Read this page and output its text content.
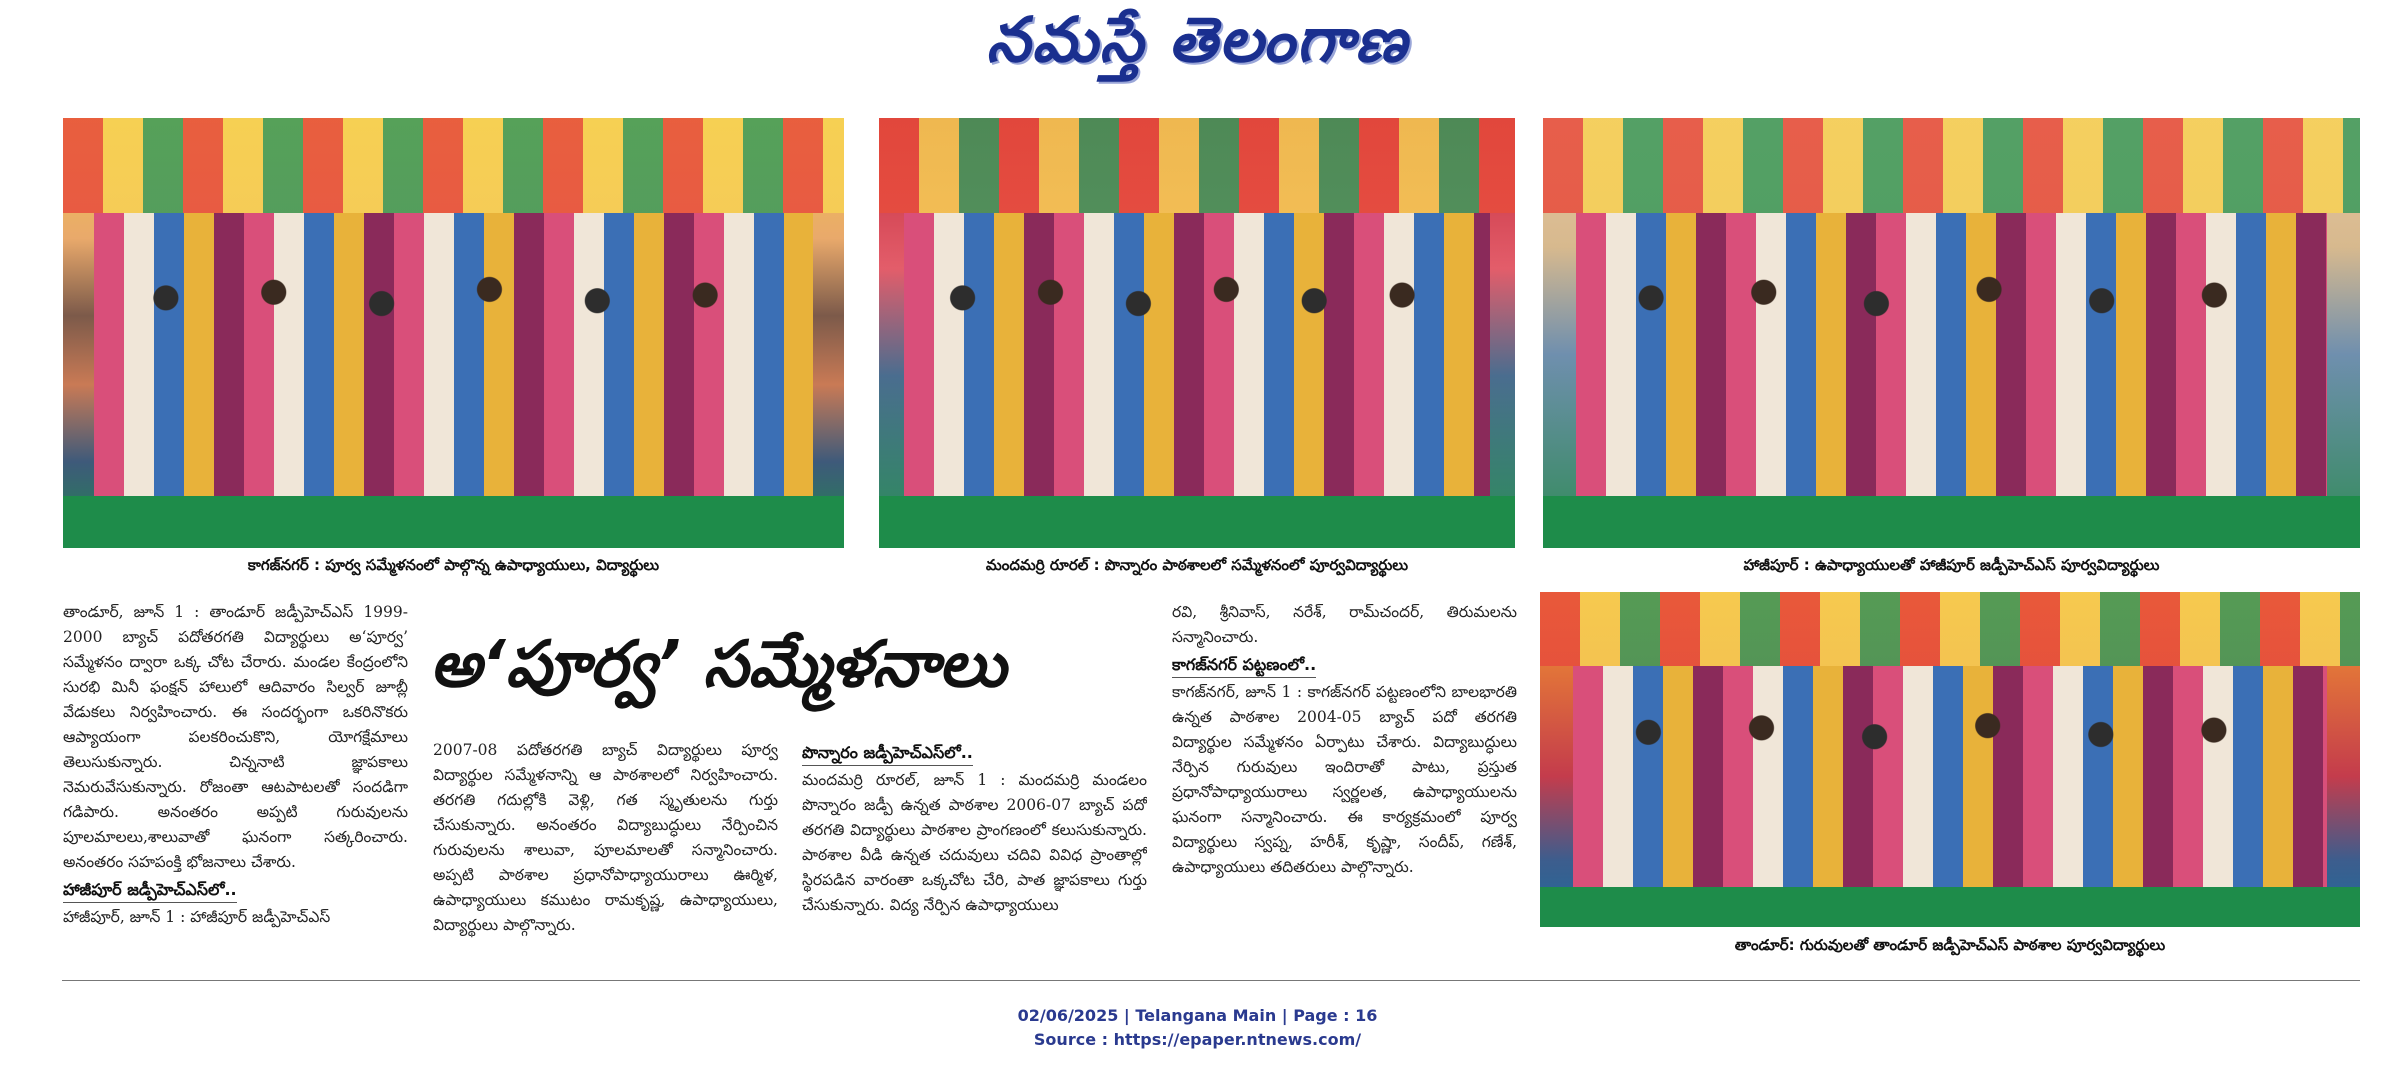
నమస్తే తెలంగాణ
కాగజ్‌నగర్ : పూర్వ సమ్మేళనంలో పాల్గొన్న ఉపాధ్యాయులు, విద్యార్థులు	మందమర్రి రూరల్ : పొన్నారం పాఠశాలలో సమ్మేళనంలో పూర్వవిద్యార్థులు	హాజీపూర్ : ఉపాధ్యాయులతో హాజీపూర్ జడ్పీహెచ్ఎస్ పూర్వవిద్యార్థులు
తాండూర్: గురువులతో తాండూర్ జడ్పీహెచ్ఎస్ పాఠశాల పూర్వవిద్యార్థులు
అ‘పూర్వ’ సమ్మేళనాలు

తాండూర్, జూన్ 1 : తాండూర్ జడ్పీహెచ్ఎస్ 1999-2000 బ్యాచ్ పదోతరగతి విద్యార్థులు అ‘పూర్వ’ సమ్మేళనం ద్వారా ఒక్క చోట చేరారు. మండల కేంద్రంలోని సురభి మినీ ఫంక్షన్ హాలులో ఆదివారం సిల్వర్ జూబ్లీ వేడుకలు నిర్వహించారు. ఈ సందర్భంగా ఒకరినొకరు ఆప్యాయంగా పలకరించుకొని, యోగక్షేమాలు తెలుసుకున్నారు. చిన్ననాటి జ్ఞాపకాలు నెమరువేసుకున్నారు. రోజంతా ఆటపాటలతో సందడిగా గడిపారు. అనంతరం అప్పటి గురువులను పూలమాలలు,శాలువాతో ఘనంగా సత్కరించారు. అనంతరం సహపంక్తి భోజనాలు చేశారు.

హాజీపూర్ జడ్పీహెచ్ఎస్‌లో..

హాజీపూర్, జూన్ 1 : హాజీపూర్ జడ్పీహెచ్ఎస్

2007-08 పదోతరగతి బ్యాచ్ విద్యార్థులు పూర్వ విద్యార్థుల సమ్మేళనాన్ని ఆ పాఠశాలలో నిర్వహించారు. తరగతి గదుల్లోకి వెళ్లి, గత స్మృతులను గుర్తు చేసుకున్నారు. అనంతరం విద్యాబుద్ధులు నేర్పించిన గురువులను శాలువా, పూలమాలతో సన్మానించారు. అప్పటి పాఠశాల ప్రధానోపాధ్యాయురాలు ఊర్మిళ, ఉపాధ్యాయులు కముటం రామకృష్ణ, ఉపాధ్యాయులు, విద్యార్థులు పాల్గొన్నారు.

పొన్నారం జడ్పీహెచ్ఎస్‌లో..

మందమర్రి రూరల్, జూన్ 1 : మందమర్రి మండలం పొన్నారం జడ్పీ ఉన్నత పాఠశాల 2006-07 బ్యాచ్ పదో తరగతి విద్యార్థులు పాఠశాల ప్రాంగణంలో కలుసుకున్నారు. పాఠశాల వీడి ఉన్నత చదువులు చదివి వివిధ ప్రాంతాల్లో స్థిరపడిన వారంతా ఒక్కచోట చేరి, పాత జ్ఞాపకాలు గుర్తు చేసుకున్నారు. విద్య నేర్పిన ఉపాధ్యాయులు

రవి, శ్రీనివాస్, నరేశ్, రామ్‌చందర్, తిరుమలను సన్మానించారు.

కాగజ్‌నగర్ పట్టణంలో..

కాగజ్‌నగర్, జూన్ 1 : కాగజ్‌నగర్ పట్టణంలోని బాలభారతి ఉన్నత పాఠశాల 2004-05 బ్యాచ్ పదో తరగతి విద్యార్థుల సమ్మేళనం ఏర్పాటు చేశారు. విద్యాబుద్ధులు నేర్పిన గురువులు ఇందిరాతో పాటు, ప్రస్తుత ప్రధానోపాధ్యాయురాలు స్వర్ణలత, ఉపాధ్యాయులను ఘనంగా సన్మానించారు. ఈ కార్యక్రమంలో పూర్వ విద్యార్థులు స్వప్న, హరీశ్, కృష్ణా, సందీప్, గణేశ్, ఉపాధ్యాయులు తదితరులు పాల్గొన్నారు.

02/06/2025 | Telangana Main | Page : 16
Source : https://epaper.ntnews.com/
